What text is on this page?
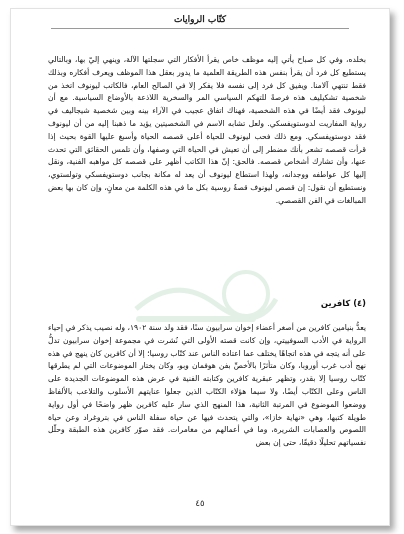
كتّاب الروايات

بخلده، وفي كل صباح يأتي إليه موظف خاص يقرأ الأفكار التي سجلتها الآلة، وينهي إليّ بها، وبالتالي يستطيع كل فرد أن يقرأ بنفس هذه الطريقة العلمية ما يدور بعقل هذا الموظف ويعرف أفكاره وبذلك فقط تنتهي آلامنا. ويفيق كل فرد إلى نفسه فلا يفكر إلا في الصالح العام، فالكاتب ليونوف اتخذ من شخصية تشكيليف هذه فرصةً للتهكم السياسي المر والسخرية اللاذعة بالأوضاع السياسية. مع أن ليونوف فقد أيضًا في هذه الشخصية، فهناك اتفاق عجيب في الآراء بينه وبين شخصية شيجاليف في رواية المفاريت لدوستويفسكي. ولعل تشابه الاسم في الشخصيتين يؤيد ما ذهبنا إليه من أن ليونوف فقد دوستويفسكي. ومع ذلك فحب ليونوف للحياة أعلى قصصه الحياة وأسبغ عليها القوة بحيث إذا قرأت قصصه تشعر بأنك مضطر إلى أن تعيش في الحياة التي وصفها، وأن تلمس الحقائق التي تحدث عنها، وأن تشارك أشخاص قصصه. فالحق: إنّ هذا الكاتب أظهر على قصصه كل مواهبه الفنية، ونقل إليها كل عواطفه ووجدانه، ولهذا استطاع ليونوف أن يعد له مكانة بجانب دوستويفسكي وتولستوي، ونستطيع أن نقول: إن قصص ليونوف قصةٌ روسية بكل ما في هذه الكلمة من معانٍ، وإن كان بها بعض المبالغات في الفن القصصي.

(٤) كافرين

يعدُّ بنيامين كافرين من أصغر أعضاء إخوان سرابيون سنًا، فقد ولد سنة ١٩٠٢، وله نصيب يذكر في إحياء الرواية في الأدب السوفييتي، وإن كانت قصته الأولى التي نُشرت في مجموعة إخوان سرابيون تدلُّ على أنه يتجه في هذه اتجاهًا يختلف عما اعتاده الناس عند كتّاب روسيا؛ إلا أن كافرين كان ينهج في هذه نهج أدب غرب أوروبا، وكان متأثرًا بالأخصِّ بفن هوفمان وبو، وكان يختار الموضوعات التي لم يطرقها كتّاب روسيا إلا بقدر، وتظهر عبقرية كافرين وكتابته الفنية في عرض هذه الموضوعات الجديدة على الناس وعلى الكتّاب أيضًا، ولا سيما هؤلاء الكتّاب الذين جعلوا عنايتهم الأسلوب والتلاعب بالألفاظ ووضعوا الموضوع في المرتبة الثانية، هذا المنهج الذي سار عليه كافرين ظهر واضحًا في أول رواية طويلة كتبها، وهي «نهاية خازا»، والتي يتحدث فيها عن حياة سفلة الناس في بتروغراد وعن حياة اللصوص والعصابات الشريرة، وما في أعمالهم من مغامرات. فقد صوّر كافرين هذه الطبقة وحلّل نفسياتهم تحليلًا دقيقًا، حتى إن بعض

٤٥
